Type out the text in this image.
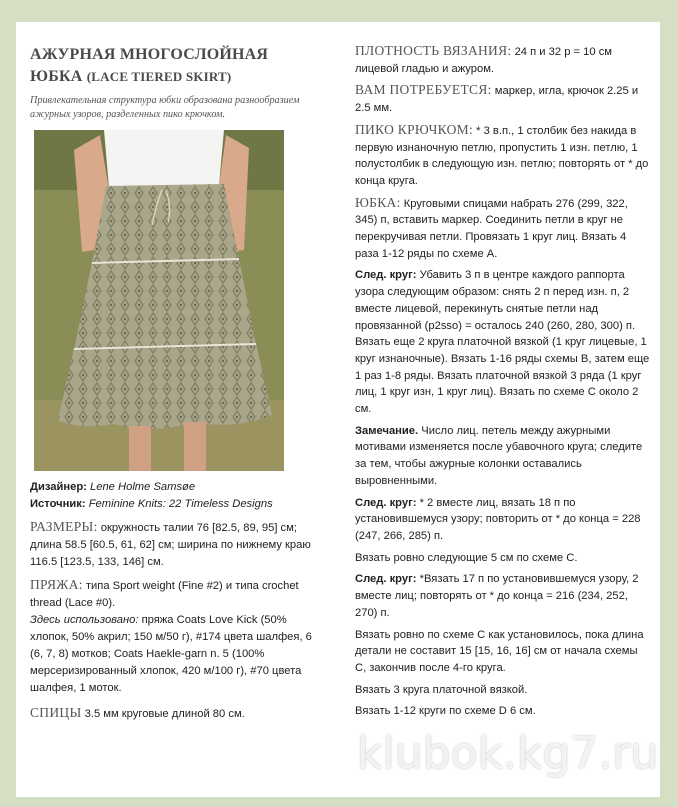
АЖУРНАЯ МНОГОСЛОЙНАЯ
ЮБКА (LACE TIERED SKIRT)

Привлекательная структура юбки образована разнообразием ажурных узоров, разделенных пико крючком.

Дизайнер: Lene Holme Samsøe

Источник: Feminine Knits: 22 Timeless Designs

РАЗМЕРЫ: окружность талии 76 [82.5, 89, 95] см; длина 58.5 [60.5, 61, 62] см; ширина по нижнему краю 116.5 [123.5, 133, 146] см.

ПРЯЖА: типа Sport weight (Fine #2) и типа crochet thread (Lace #0).
Здесь использовано: пряжа Coats Love Kick (50% хлопок, 50% акрил; 150 м/50 г), #174 цвета шалфея, 6 (6, 7, 8) мотков; Coats Haekle-garn n. 5 (100% мерсеризированный хлопок, 420 м/100 г), #70 цвета шалфея, 1 моток.

СПИЦЫ 3.5 мм круговые длиной 80 см.

ПЛОТНОСТЬ ВЯЗАНИЯ: 24 п и 32 р = 10 см лицевой гладью и ажуром.

ВАМ ПОТРЕБУЕТСЯ: маркер, игла, крючок 2.25 и 2.5 мм.

ПИКО КРЮЧКОМ: * 3 в.п., 1 столбик без накида в первую изнаночную петлю, пропустить 1 изн. петлю, 1 полустолбик в следующую изн. петлю; повторять от * до конца круга.

ЮБКА: Круговыми спицами набрать 276 (299, 322, 345) п, вставить маркер. Соединить петли в круг не перекручивая петли. Провязать 1 круг лиц. Вязать 4 раза 1-12 ряды по схеме А.

След. круг: Убавить 3 п в центре каждого раппорта узора следующим образом: снять 2 п перед изн. п, 2 вместе лицевой, перекинуть снятые петли над провязанной (p2sso) = осталось 240 (260, 280, 300) п. Вязать еще 2 круга платочной вязкой (1 круг лицевые, 1 круг изнаночные). Вязать 1-16 ряды схемы В, затем еще 1 раз 1-8 ряды. Вязать платочной вязкой 3 ряда (1 круг лиц, 1 круг изн, 1 круг лиц). Вязать по схеме С около 2 см.

Замечание. Число лиц. петель между ажурными мотивами изменяется после убавочного круга; следите за тем, чтобы ажурные колонки оставались выровненными.

След. круг: * 2 вместе лиц, вязать 18 п по установившемуся узору; повторить от * до конца = 228 (247, 266, 285) п.

Вязать ровно следующие 5 см по схеме С.

След. круг: *Вязать 17 п по установившемуся узору, 2 вместе лиц; повторять от * до конца = 216 (234, 252, 270) п.

Вязать ровно по схеме С как установилось, пока длина детали не составит 15 [15, 16, 16] см от начала схемы С, закончив после 4-го круга.

Вязать 3 круга платочной вязкой.

Вязать 1-12 круги по схеме D 6 см.

klubok.kg7.ru
